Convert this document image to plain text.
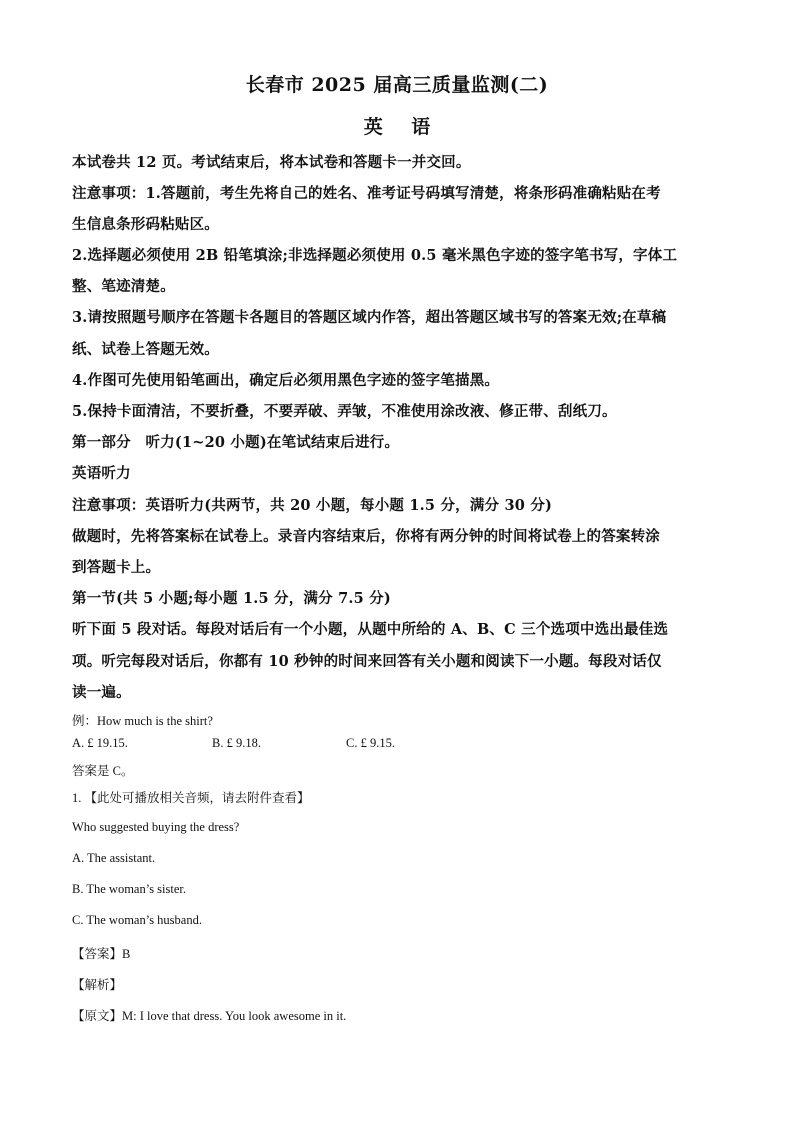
长春市 2025 届高三质量监测(二)
英 语
本试卷共 12 页。考试结束后，将本试卷和答题卡一并交回。
注意事项：1.答题前，考生先将自己的姓名、准考证号码填写清楚，将条形码准确粘贴在考
生信息条形码粘贴区。
2.选择题必须使用 2B 铅笔填涂;非选择题必须使用 0.5 毫米黑色字迹的签字笔书写，字体工
整、笔迹清楚。
3.请按照题号顺序在答题卡各题目的答题区域内作答，超出答题区域书写的答案无效;在草稿
纸、试卷上答题无效。
4.作图可先使用铅笔画出，确定后必须用黑色字迹的签字笔描黑。
5.保持卡面清洁，不要折叠，不要弄破、弄皱，不准使用涂改液、修正带、刮纸刀。
第一部分　听力(1~20 小题)在笔试结束后进行。
英语听力
注意事项：英语听力(共两节，共 20 小题，每小题 1.5 分，满分 30 分)
做题时，先将答案标在试卷上。录音内容结束后，你将有两分钟的时间将试卷上的答案转涂
到答题卡上。
第一节(共 5 小题;每小题 1.5 分，满分 7.5 分)
听下面 5 段对话。每段对话后有一个小题，从题中所给的 A、B、C 三个选项中选出最佳选
项。听完每段对话后，你都有 10 秒钟的时间来回答有关小题和阅读下一小题。每段对话仅
读一遍。
例：How much is the shirt?
A. £ 19.15.	B. £ 9.18.	C. £ 9.15.
答案是 C。
1. 【此处可播放相关音频，请去附件查看】
Who suggested buying the dress?
A. The assistant.
B. The woman’s sister.
C. The woman’s husband.
【答案】B
【解析】
【原文】M: I love that dress. You look awesome in it.
